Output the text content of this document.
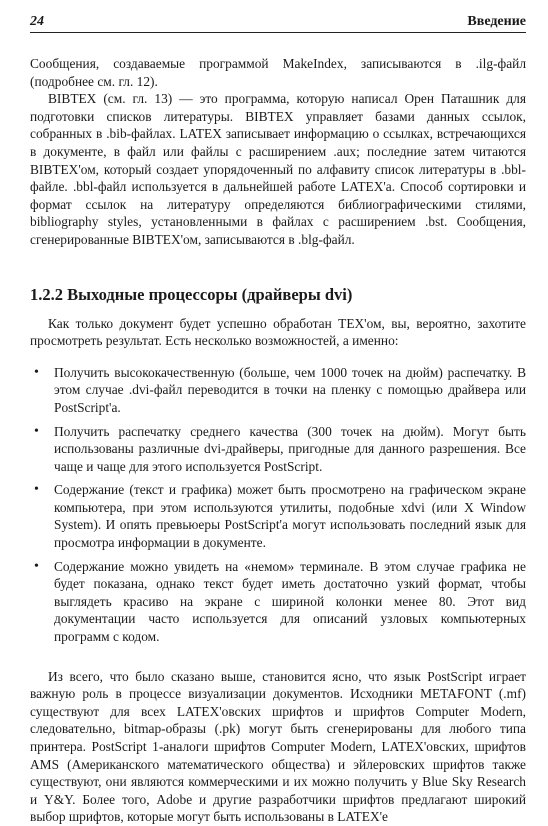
24	Введение

Сообщения, создаваемые программой MakeIndex, записываются в .ilg-файл (подробнее см. гл. 12).

BIBTEX (см. гл. 13) — это программа, которую написал Орен Паташник для подготовки списков литературы. BIBTEX управляет базами данных ссылок, собранных в .bib-файлах. LATEX записывает информацию о ссылках, встречающихся в документе, в файл или файлы с расширением .aux; последние затем читаются BIBTEX'ом, который создает упорядоченный по алфавиту список литературы в .bbl-файле. .bbl-файл используется в дальнейшей работе LATEX'а. Способ сортировки и формат ссылок на литературу определяются библиографическими стилями, bibliography styles, установленными в файлах с расширением .bst. Сообщения, сгенерированные BIBTEX'ом, записываются в .blg-файл.

1.2.2 Выходные процессоры (драйверы dvi)

Как только документ будет успешно обработан TEX'ом, вы, вероятно, захотите просмотреть результат. Есть несколько возможностей, а именно:

• Получить высококачественную (больше, чем 1000 точек на дюйм) распечатку. В этом случае .dvi-файл переводится в точки на пленку с помощью драйвера или PostScript'а.

• Получить распечатку среднего качества (300 точек на дюйм). Могут быть использованы различные dvi-драйверы, пригодные для данного разрешения. Все чаще и чаще для этого используется PostScript.

• Содержание (текст и графика) может быть просмотрено на графическом экране компьютера, при этом используются утилиты, подобные xdvi (или X Window System). И опять превьюеры PostScript'а могут использовать последний язык для просмотра информации в документе.

• Содержание можно увидеть на «немом» терминале. В этом случае графика не будет показана, однако текст будет иметь достаточно узкий формат, чтобы выглядеть красиво на экране с шириной колонки менее 80. Этот вид документации часто используется для описаний узловых компьютерных программ с кодом.

Из всего, что было сказано выше, становится ясно, что язык PostScript играет важную роль в процессе визуализации документов. Исходники METAFONT (.mf) существуют для всех LATEX'овских шрифтов и шрифтов Computer Modern, следовательно, bitmap-образы (.pk) могут быть сгенерированы для любого типа принтера. PostScript 1-аналоги шрифтов Computer Modern, LATEX'овских, шрифтов AMS (Американского математического общества) и эйлеровских шрифтов также существуют, они являются коммерческими и их можно получить у Blue Sky Research и Y&Y. Более того, Adobe и другие разработчики шрифтов предлагают широкий выбор шрифтов, которые могут быть использованы в LATEX'е
